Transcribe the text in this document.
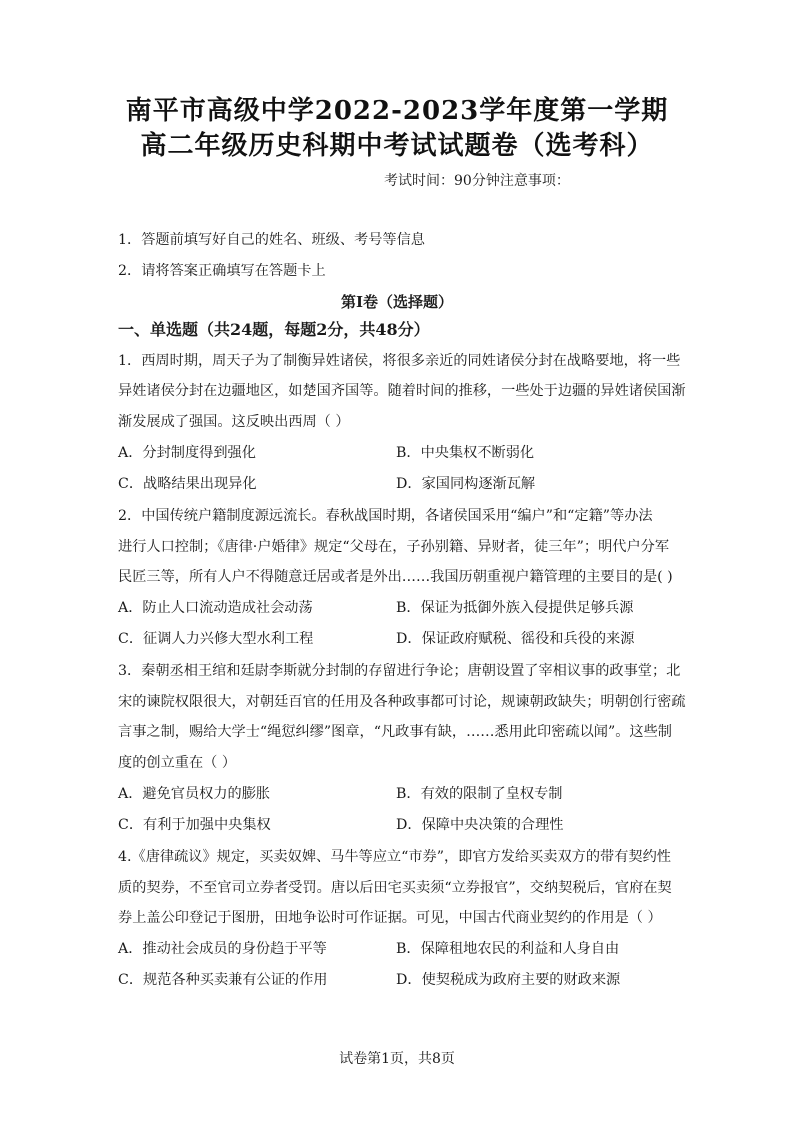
南平市高级中学2022-2023学年度第一学期
高二年级历史科期中考试试题卷（选考科）
考试时间：90分钟注意事项：
1．答题前填写好自己的姓名、班级、考号等信息
2．请将答案正确填写在答题卡上
第I卷（选择题）
一、单选题（共24题，每题2分，共48分）
1．西周时期，周天子为了制衡异姓诸侯，将很多亲近的同姓诸侯分封在战略要地，将一些
异姓诸侯分封在边疆地区，如楚国齐国等。随着时间的推移，一些处于边疆的异姓诸侯国渐
渐发展成了强国。这反映出西周（ ）
A．分封制度得到强化	B．中央集权不断弱化
C．战略结果出现异化	D．家国同构逐渐瓦解
2．中国传统户籍制度源远流长。春秋战国时期，各诸侯国采用“编户”和“定籍”等办法
进行人口控制；《唐律·户婚律》规定“父母在，子孙别籍、异财者，徒三年”；明代户分军
民匠三等，所有人户不得随意迁居或者是外出……我国历朝重视户籍管理的主要目的是( )
A．防止人口流动造成社会动荡	B．保证为抵御外族入侵提供足够兵源
C．征调人力兴修大型水利工程	D．保证政府赋税、徭役和兵役的来源
3．秦朝丞相王绾和廷尉李斯就分封制的存留进行争论；唐朝设置了宰相议事的政事堂；北
宋的谏院权限很大，对朝廷百官的任用及各种政事都可讨论，规谏朝政缺失；明朝创行密疏
言事之制，赐给大学士“绳愆纠缪”图章，“凡政事有缺，……悉用此印密疏以闻”。这些制
度的创立重在（ ）
A．避免官员权力的膨胀	B．有效的限制了皇权专制
C．有利于加强中央集权	D．保障中央决策的合理性
4.《唐律疏议》规定，买卖奴婢、马牛等应立“市券”，即官方发给买卖双方的带有契约性
质的契券，不至官司立券者受罚。唐以后田宅买卖须“立券报官”，交纳契税后，官府在契
券上盖公印登记于图册，田地争讼时可作证据。可见，中国古代商业契约的作用是（ ）
A．推动社会成员的身份趋于平等	B．保障租地农民的利益和人身自由
C．规范各种买卖兼有公证的作用	D．使契税成为政府主要的财政来源
试卷第1页，共8页
